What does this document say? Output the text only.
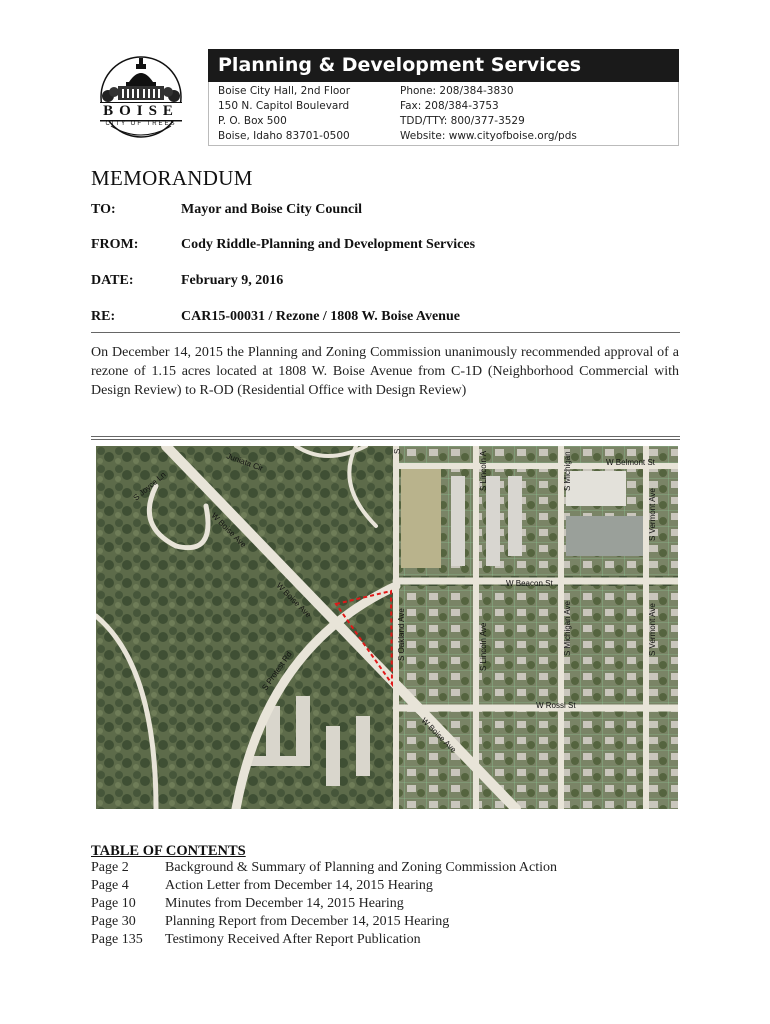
BOISE
CITY OF TREES
Planning & Development Services
Boise City Hall, 2nd Floor
150 N. Capitol Boulevard
P. O. Box 500
Boise, Idaho 83701-0500
Phone: 208/384-3830
Fax: 208/384-3753
TDD/TTY: 800/377-3529
Website: www.cityofboise.org/pds
MEMORANDUM
TO:	Mayor and Boise City Council
FROM:	Cody Riddle-Planning and Development Services
DATE:	February 9, 2016
RE:	CAR15-00031 / Rezone / 1808 W. Boise Avenue
On December 14, 2015 the Planning and Zoning Commission unanimously recommended approval of a rezone of 1.15 acres located at 1808 W. Boise Avenue from C-1D (Neighborhood Commercial with Design Review) to R-OD (Residential Office with Design Review)
W Belmont St
W Beacon St
W Rossi St
W Boise Ave
W Boise Ave
W Boise Ave
S Joyce Ln
Juniata Cir
S Protest Rd
S Oakland Ave
S Lincoln A
S Lincoln Ave
S Michigan
S Michigan Ave
S Vermont Ave
S Vermont Ave
S
TABLE OF CONTENTS
Page 2	Background & Summary of Planning and Zoning Commission Action
Page 4	Action Letter from December 14, 2015 Hearing
Page 10 Minutes from December 14, 2015 Hearing
Page 30 Planning Report from December 14, 2015 Hearing
Page 135 Testimony Received After Report Publication
